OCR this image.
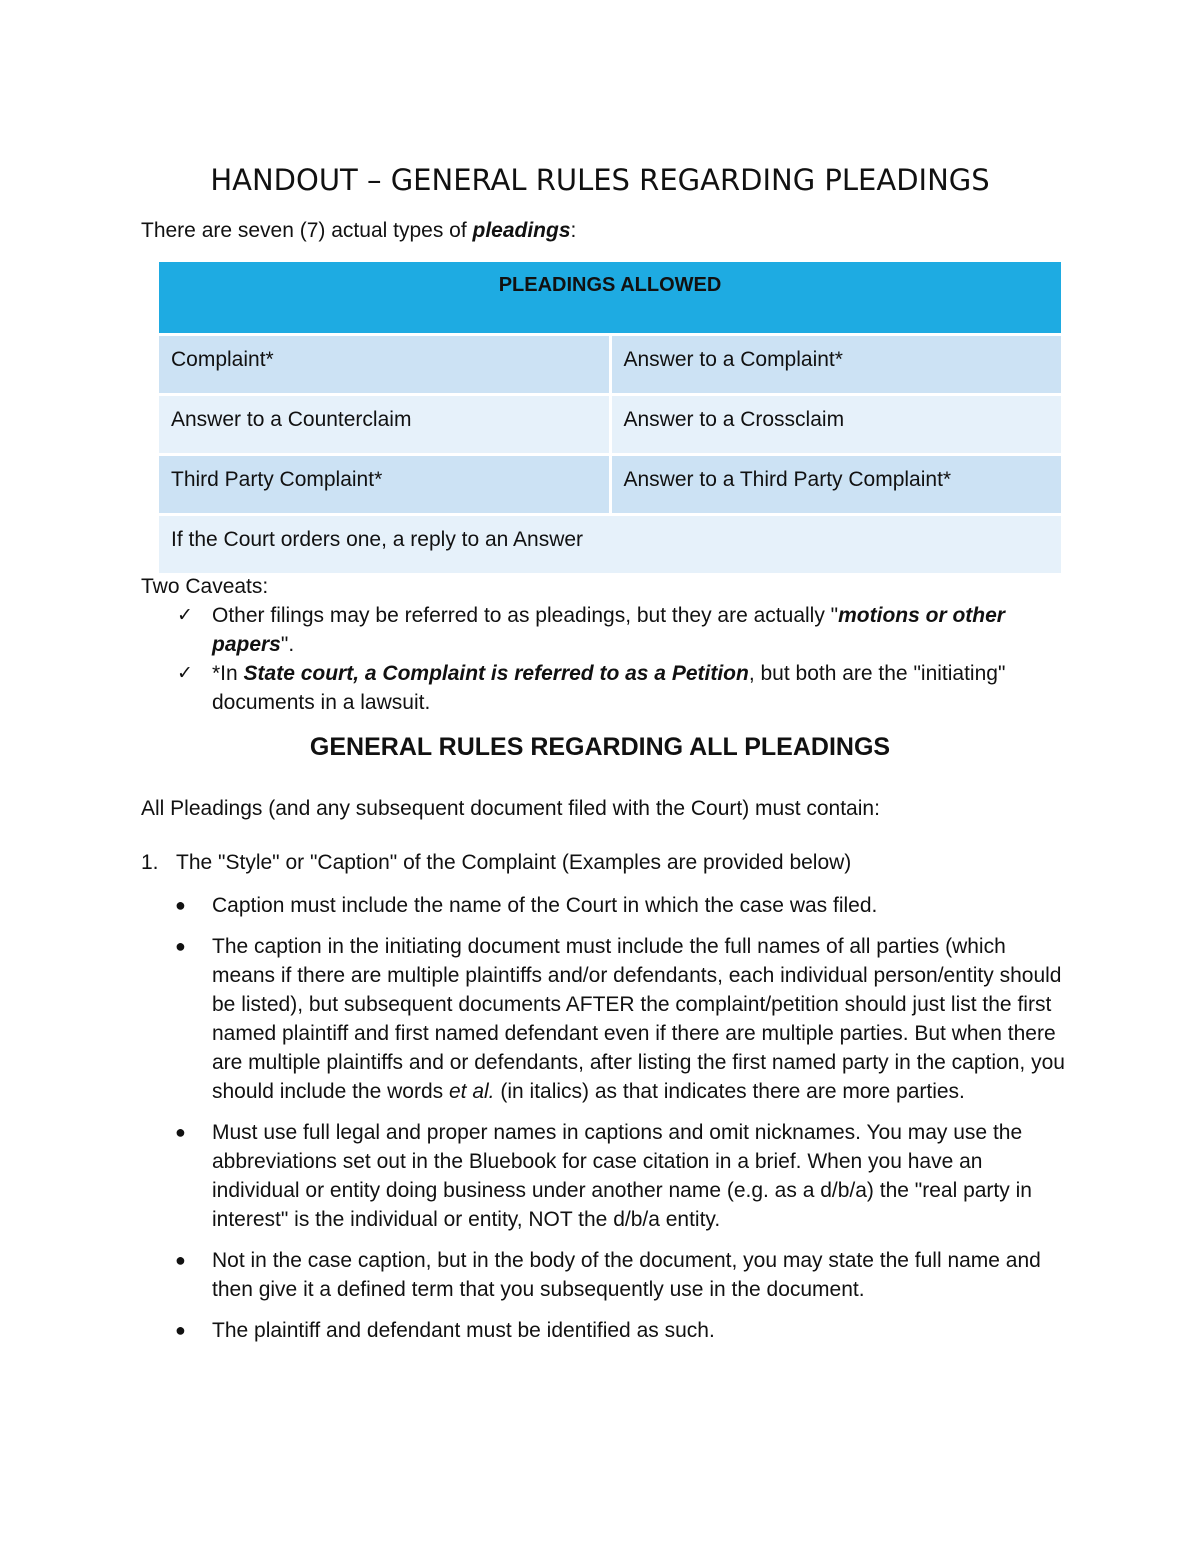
HANDOUT – GENERAL RULES REGARDING PLEADINGS
There are seven (7) actual types of pleadings:
PLEADINGS ALLOWED	
Complaint*	Answer to a Complaint*
Answer to a Counterclaim	Answer to a Crossclaim
Third Party Complaint*	Answer to a Third Party Complaint*
If the Court orders one, a reply to an Answer	
Two Caveats:
✓ Other filings may be referred to as pleadings, but they are actually "motions or other papers".
✓ *In State court, a Complaint is referred to as a Petition, but both are the "initiating" documents in a lawsuit.
GENERAL RULES REGARDING ALL PLEADINGS
All Pleadings (and any subsequent document filed with the Court) must contain:
1. The "Style" or "Caption" of the Complaint (Examples are provided below)
● Caption must include the name of the Court in which the case was filed.
● The caption in the initiating document must include the full names of all parties (which means if there are multiple plaintiffs and/or defendants, each individual person/entity should be listed), but subsequent documents AFTER the complaint/petition should just list the first named plaintiff and first named defendant even if there are multiple parties. But when there are multiple plaintiffs and or defendants, after listing the first named party in the caption, you should include the words et al. (in italics) as that indicates there are more parties.
● Must use full legal and proper names in captions and omit nicknames. You may use the abbreviations set out in the Bluebook for case citation in a brief. When you have an individual or entity doing business under another name (e.g. as a d/b/a) the "real party in interest" is the individual or entity, NOT the d/b/a entity.
● Not in the case caption, but in the body of the document, you may state the full name and then give it a defined term that you subsequently use in the document.
● The plaintiff and defendant must be identified as such.
